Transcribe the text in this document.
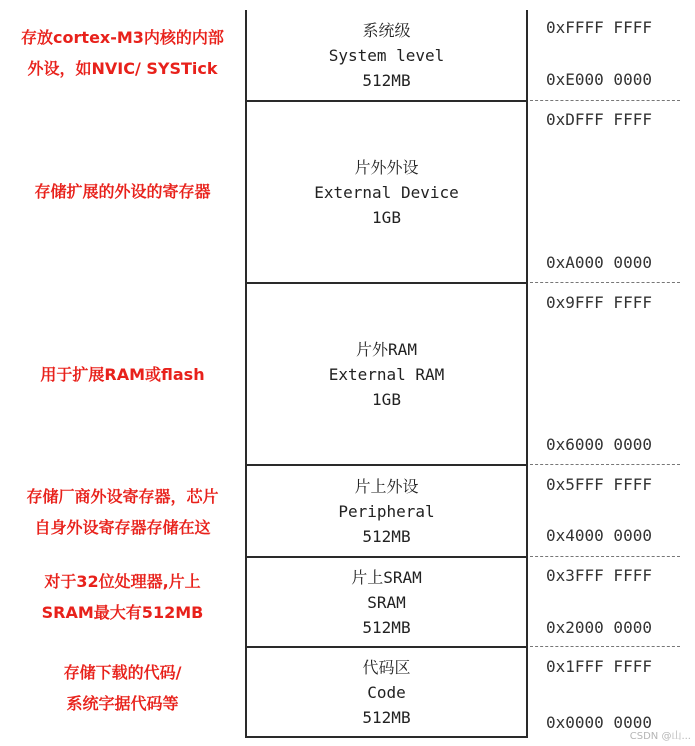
存放cortex-M3内核的内部
外设，如NVIC/ SYSTick
存储扩展的外设的寄存器
用于扩展RAM或flash
存储厂商外设寄存器，芯片
自身外设寄存器存储在这
对于32位处理器,片上
SRAM最大有512MB
存储下载的代码/
系统字据代码等
系统级
System level
512MB
片外外设
External Device
1GB
片外RAM
External RAM
1GB
片上外设
Peripheral
512MB
片上SRAM
SRAM
512MB
代码区
Code
512MB
0xFFFF FFFF
0xE000 0000
0xDFFF FFFF
0xA000 0000
0x9FFF FFFF
0x6000 0000
0x5FFF FFFF
0x4000 0000
0x3FFF FFFF
0x2000 0000
0x1FFF FFFF
0x0000 0000
CSDN @山...
